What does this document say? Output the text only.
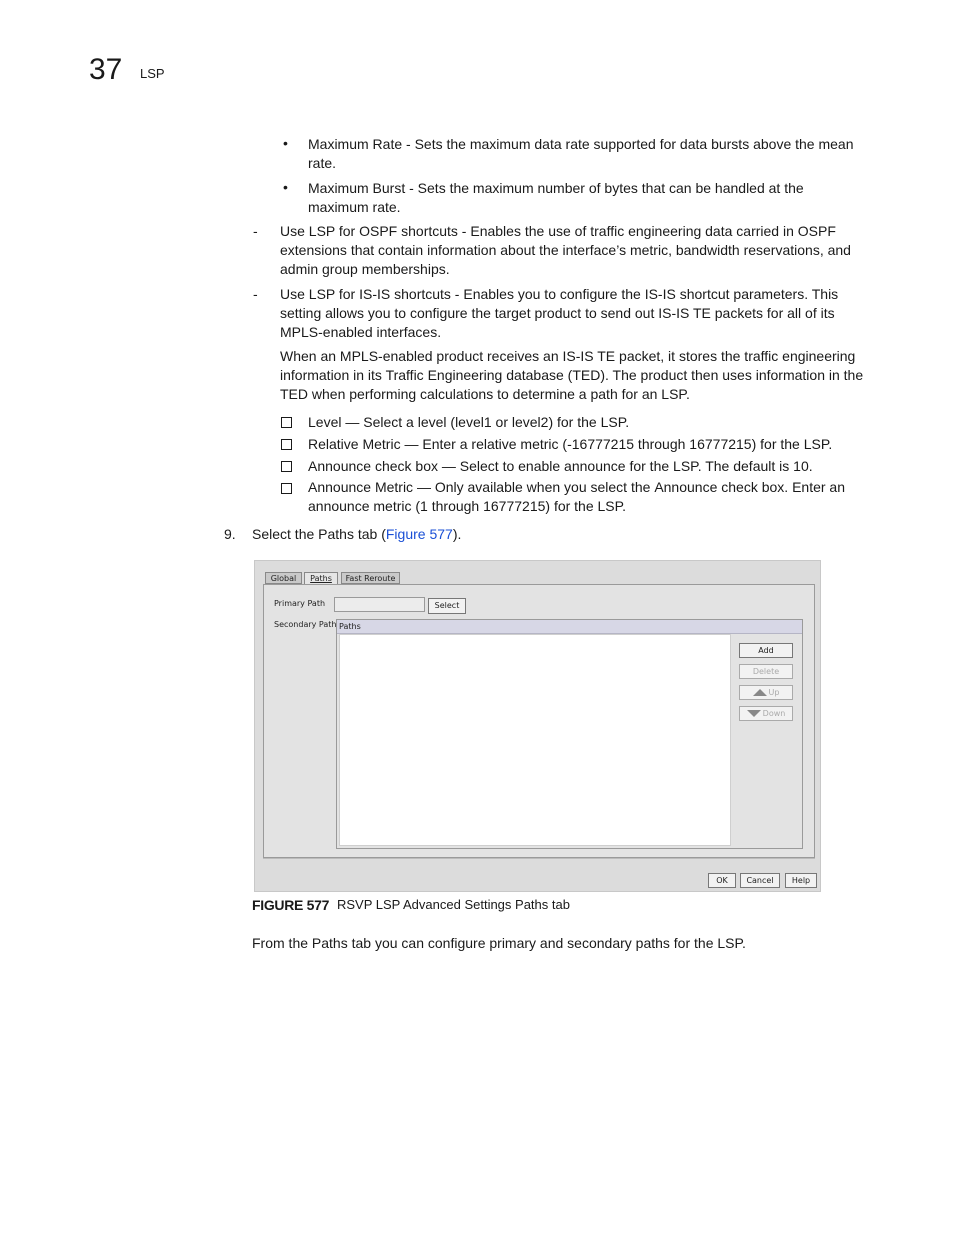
37 LSP
• Maximum Rate - Sets the maximum data rate supported for data bursts above the mean rate.
• Maximum Burst - Sets the maximum number of bytes that can be handled at the maximum rate.
- Use LSP for OSPF shortcuts - Enables the use of traffic engineering data carried in OSPF extensions that contain information about the interface’s metric, bandwidth reservations, and admin group memberships.
- Use LSP for IS-IS shortcuts - Enables you to configure the IS-IS shortcut parameters. This setting allows you to configure the target product to send out IS-IS TE packets for all of its MPLS-enabled interfaces.
When an MPLS-enabled product receives an IS-IS TE packet, it stores the traffic engineering information in its Traffic Engineering database (TED). The product then uses information in the TED when performing calculations to determine a path for an LSP.
Level — Select a level (level1 or level2) for the LSP.
Relative Metric — Enter a relative metric (-16777215 through 16777215) for the LSP.
Announce check box — Select to enable announce for the LSP. The default is 10.
Announce Metric — Only available when you select the Announce check box. Enter an announce metric (1 through 16777215) for the LSP.
9. Select the Paths tab (Figure 577).
Global	Paths	Fast Reroute
Primary Path	Select
Secondary Path Paths
Add
Delete
Up
Down
OK	Cancel	Help
FIGURE 577 RSVP LSP Advanced Settings Paths tab
From the Paths tab you can configure primary and secondary paths for the LSP.
